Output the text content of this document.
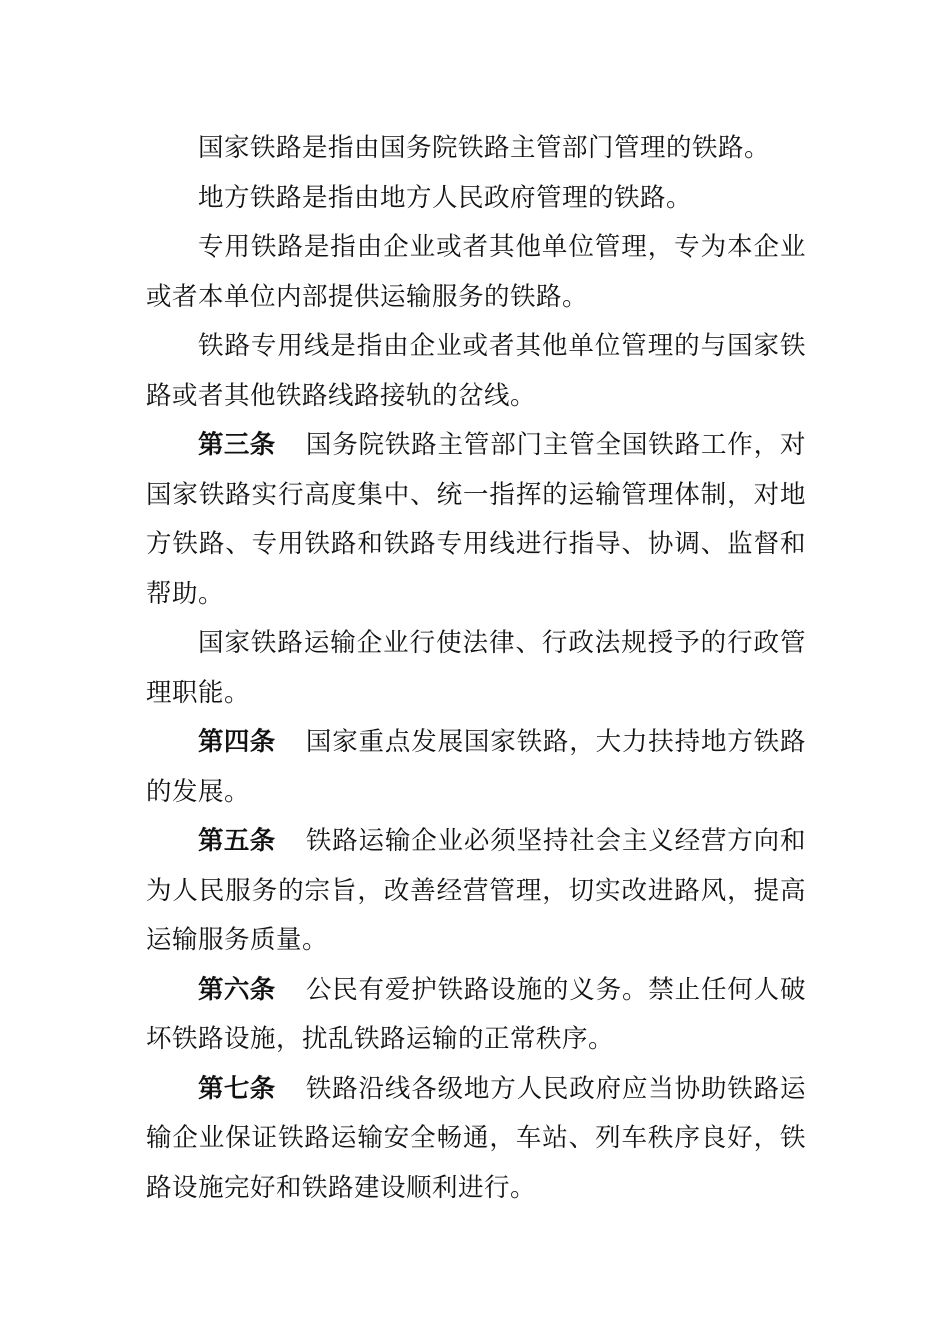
国家铁路是指由国务院铁路主管部门管理的铁路。

地方铁路是指由地方人民政府管理的铁路。

专用铁路是指由企业或者其他单位管理，专为本企业或者本单位内部提供运输服务的铁路。

铁路专用线是指由企业或者其他单位管理的与国家铁路或者其他铁路线路接轨的岔线。

第三条 国务院铁路主管部门主管全国铁路工作，对国家铁路实行高度集中、统一指挥的运输管理体制，对地方铁路、专用铁路和铁路专用线进行指导、协调、监督和帮助。

国家铁路运输企业行使法律、行政法规授予的行政管理职能。

第四条 国家重点发展国家铁路，大力扶持地方铁路的发展。

第五条 铁路运输企业必须坚持社会主义经营方向和为人民服务的宗旨，改善经营管理，切实改进路风，提高运输服务质量。

第六条 公民有爱护铁路设施的义务。禁止任何人破坏铁路设施，扰乱铁路运输的正常秩序。

第七条 铁路沿线各级地方人民政府应当协助铁路运输企业保证铁路运输安全畅通，车站、列车秩序良好，铁路设施完好和铁路建设顺利进行。
